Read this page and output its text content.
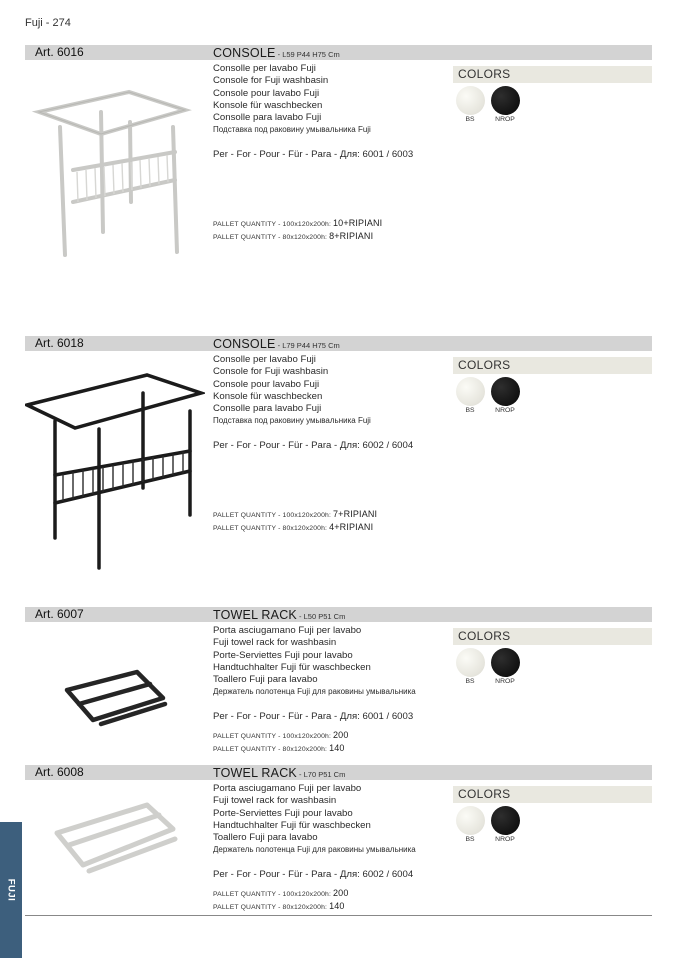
Fuji - 274
Art. 6016	CONSOLE - L59 P44 H75 Cm
Consolle per lavabo Fuji
Console for Fuji washbasin
Console pour lavabo Fuji
Konsole für waschbecken
Consolle para lavabo Fuji
Подставка под раковину умывальника Fuji
Per - For - Pour - Für - Para - Для: 6001 / 6003
PALLET QUANTITY - 100x120x200h: 10+RIPIANI
PALLET QUANTITY - 80x120x200h: 8+RIPIANI
COLORS
BS	NROP
Art. 6018	CONSOLE - L79 P44 H75 Cm
Consolle per lavabo Fuji
Console for Fuji washbasin
Console pour lavabo Fuji
Konsole für waschbecken
Consolle para lavabo Fuji
Подставка под раковину умывальника Fuji
Per - For - Pour - Für - Para - Для: 6002 / 6004
PALLET QUANTITY - 100x120x200h: 7+RIPIANI
PALLET QUANTITY - 80x120x200h: 4+RIPIANI
COLORS
BS	NROP
Art. 6007	TOWEL RACK - L50 P51 Cm
Porta asciugamano Fuji per lavabo
Fuji towel rack for washbasin
Porte-Serviettes Fuji pour lavabo
Handtuchhalter Fuji für waschbecken
Toallero Fuji para lavabo
Держатель полотенца Fuji для раковины умывальника
Per - For - Pour - Für - Para - Для: 6001 / 6003
PALLET QUANTITY - 100x120x200h: 200
PALLET QUANTITY - 80x120x200h: 140
COLORS
BS	NROP
Art. 6008	TOWEL RACK - L70 P51 Cm
Porta asciugamano Fuji per lavabo
Fuji towel rack for washbasin
Porte-Serviettes Fuji pour lavabo
Handtuchhalter Fuji für waschbecken
Toallero Fuji para lavabo
Держатель полотенца Fuji для раковины умывальника
Per - For - Pour - Für - Para - Для: 6002 / 6004
PALLET QUANTITY - 100x120x200h: 200
PALLET QUANTITY - 80x120x200h: 140
COLORS
BS	NROP
FUJI
